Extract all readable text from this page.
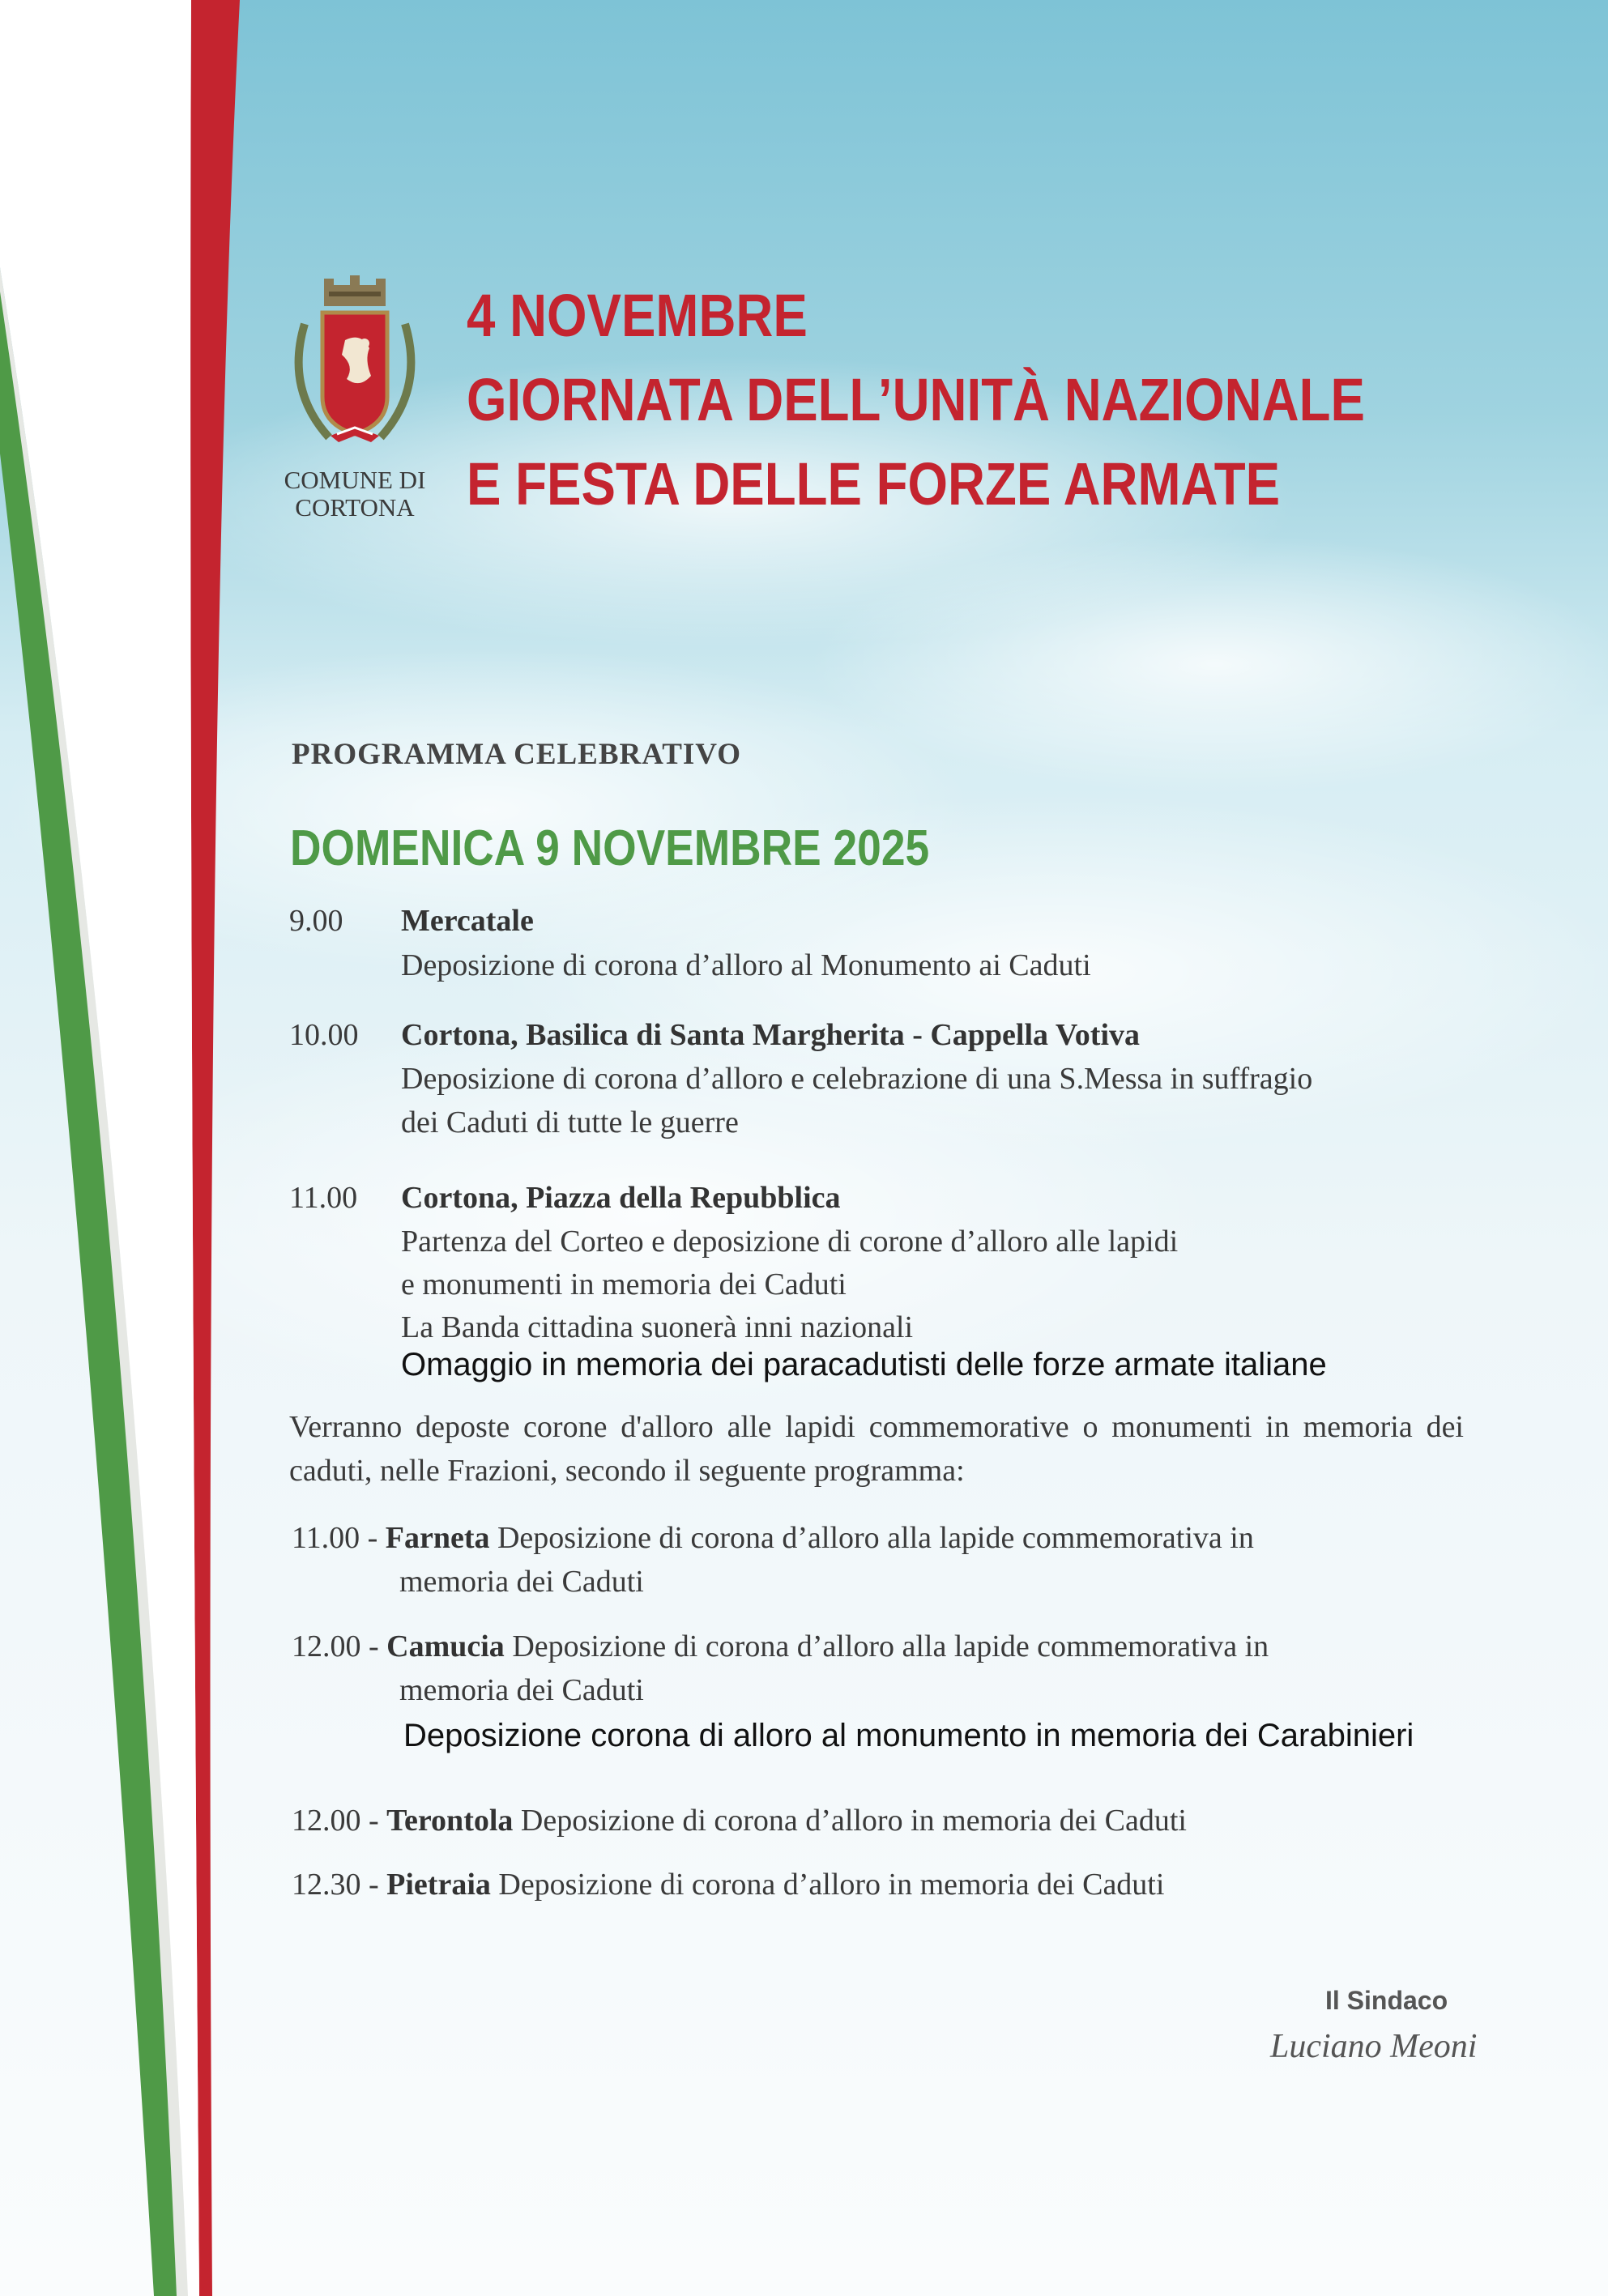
COMUNE DI
CORTONA
4 NOVEMBRE
GIORNATA DELL’UNITÀ NAZIONALE
E FESTA DELLE FORZE ARMATE
PROGRAMMA CELEBRATIVO
DOMENICA 9 NOVEMBRE 2025
9.00 Mercatale
Deposizione di corona d’alloro al Monumento ai Caduti
10.00 Cortona, Basilica di Santa Margherita - Cappella Votiva
Deposizione di corona d’alloro e celebrazione di una S.Messa in suffragio
dei Caduti di tutte le guerre
11.00 Cortona, Piazza della Repubblica
Partenza del Corteo e deposizione di corone d’alloro alle lapidi
e monumenti in memoria dei Caduti
La Banda cittadina suonerà inni nazionali
Omaggio in memoria dei paracadutisti delle forze armate italiane
Verranno deposte corone d'alloro alle lapidi commemorative o monumenti in memoria dei caduti, nelle Frazioni, secondo il seguente programma:
11.00 - Farneta Deposizione di corona d’alloro alla lapide commemorativa in
memoria dei Caduti
12.00 - Camucia Deposizione di corona d’alloro alla lapide commemorativa in
memoria dei Caduti
Deposizione corona di alloro al monumento in memoria dei Carabinieri
12.00 - Terontola Deposizione di corona d’alloro in memoria dei Caduti
12.30 - Pietraia Deposizione di corona d’alloro in memoria dei Caduti
Il Sindaco
Luciano Meoni
